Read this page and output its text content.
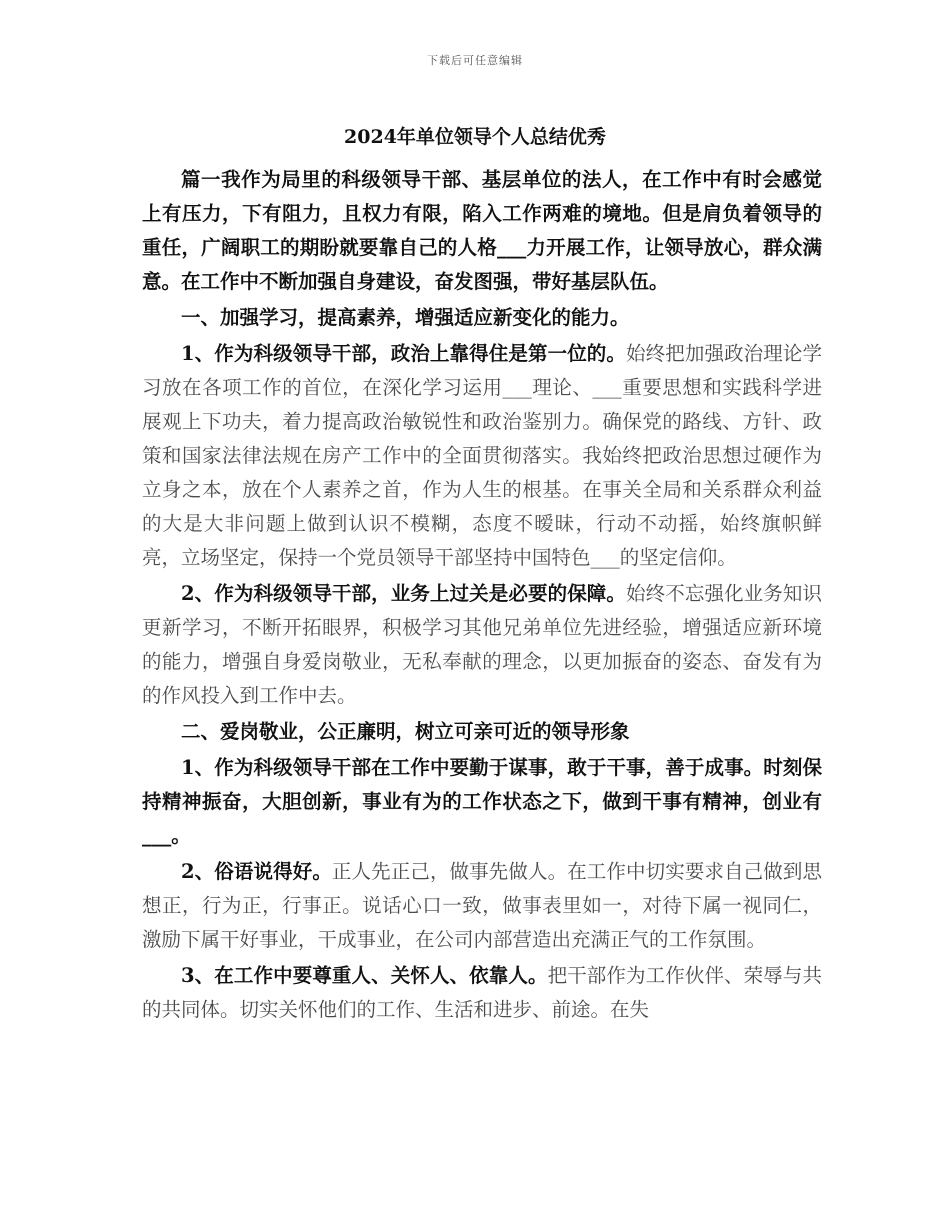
下载后可任意编辑
2024年单位领导个人总结优秀

篇一我作为局里的科级领导干部、基层单位的法人，在工作中有时会感觉上有压力，下有阻力，且权力有限，陷入工作两难的境地。但是肩负着领导的重任，广阔职工的期盼就要靠自己的人格___力开展工作，让领导放心，群众满意。在工作中不断加强自身建设，奋发图强，带好基层队伍。

一、加强学习，提高素养，增强适应新变化的能力。

1、作为科级领导干部，政治上靠得住是第一位的。始终把加强政治理论学习放在各项工作的首位，在深化学习运用___理论、___重要思想和实践科学进展观上下功夫，着力提高政治敏锐性和政治鉴别力。确保党的路线、方针、政策和国家法律法规在房产工作中的全面贯彻落实。我始终把政治思想过硬作为立身之本，放在个人素养之首，作为人生的根基。在事关全局和关系群众利益的大是大非问题上做到认识不模糊，态度不暧昧，行动不动摇，始终旗帜鲜亮，立场坚定，保持一个党员领导干部坚持中国特色___的坚定信仰。

2、作为科级领导干部，业务上过关是必要的保障。始终不忘强化业务知识更新学习，不断开拓眼界，积极学习其他兄弟单位先进经验，增强适应新环境的能力，增强自身爱岗敬业，无私奉献的理念，以更加振奋的姿态、奋发有为的作风投入到工作中去。

二、爱岗敬业，公正廉明，树立可亲可近的领导形象

1、作为科级领导干部在工作中要勤于谋事，敢于干事，善于成事。时刻保持精神振奋，大胆创新，事业有为的工作状态之下，做到干事有精神，创业有___。

2、俗语说得好。正人先正己，做事先做人。在工作中切实要求自己做到思想正，行为正，行事正。说话心口一致，做事表里如一，对待下属一视同仁，激励下属干好事业，干成事业，在公司内部营造出充满正气的工作氛围。

3、在工作中要尊重人、关怀人、依靠人。把干部作为工作伙伴、荣辱与共的共同体。切实关怀他们的工作、生活和进步、前途。在失
